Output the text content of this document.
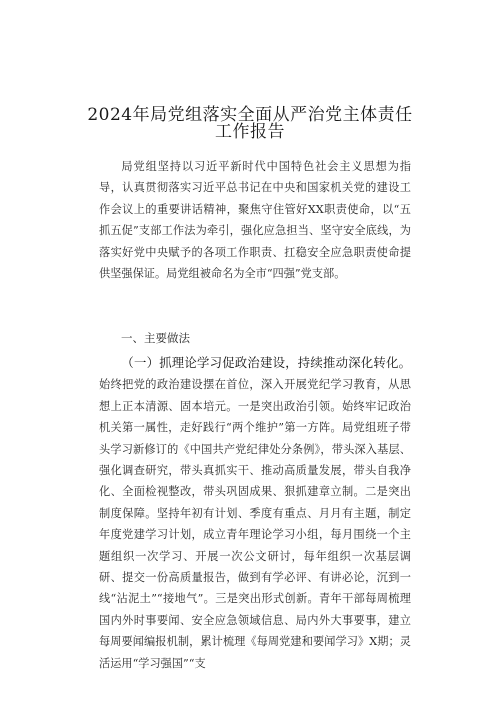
2024年局党组落实全面从严治党主体责任
工作报告

局党组坚持以习近平新时代中国特色社会主义思想为指导，认真贯彻落实习近平总书记在中央和国家机关党的建设工作会议上的重要讲话精神，聚焦守住管好XX职责使命，以“五抓五促”支部工作法为牵引，强化应急担当、坚守安全底线，为落实好党中央赋予的各项工作职责、扛稳安全应急职责使命提供坚强保证。局党组被命名为全市“四强”党支部。

一、主要做法

（一）抓理论学习促政治建设，持续推动深化转化。始终把党的政治建设摆在首位，深入开展党纪学习教育，从思想上正本清源、固本培元。一是突出政治引领。始终牢记政治机关第一属性，走好践行“两个维护”第一方阵。局党组班子带头学习新修订的《中国共产党纪律处分条例》，带头深入基层、强化调查研究，带头真抓实干、推动高质量发展，带头自我净化、全面检视整改，带头巩固成果、狠抓建章立制。二是突出制度保障。坚持年初有计划、季度有重点、月月有主题，制定年度党建学习计划，成立青年理论学习小组，每月围绕一个主题组织一次学习、开展一次公文研讨，每年组织一次基层调研、提交一份高质量报告，做到有学必评、有讲必论，沉到一线“沾泥土”“接地气”。三是突出形式创新。青年干部每周梳理国内外时事要闻、安全应急领域信息、局内外大事要事，建立每周要闻编报机制，累计梳理《每周党建和要闻学习》X期；灵活运用“学习强国”“支
